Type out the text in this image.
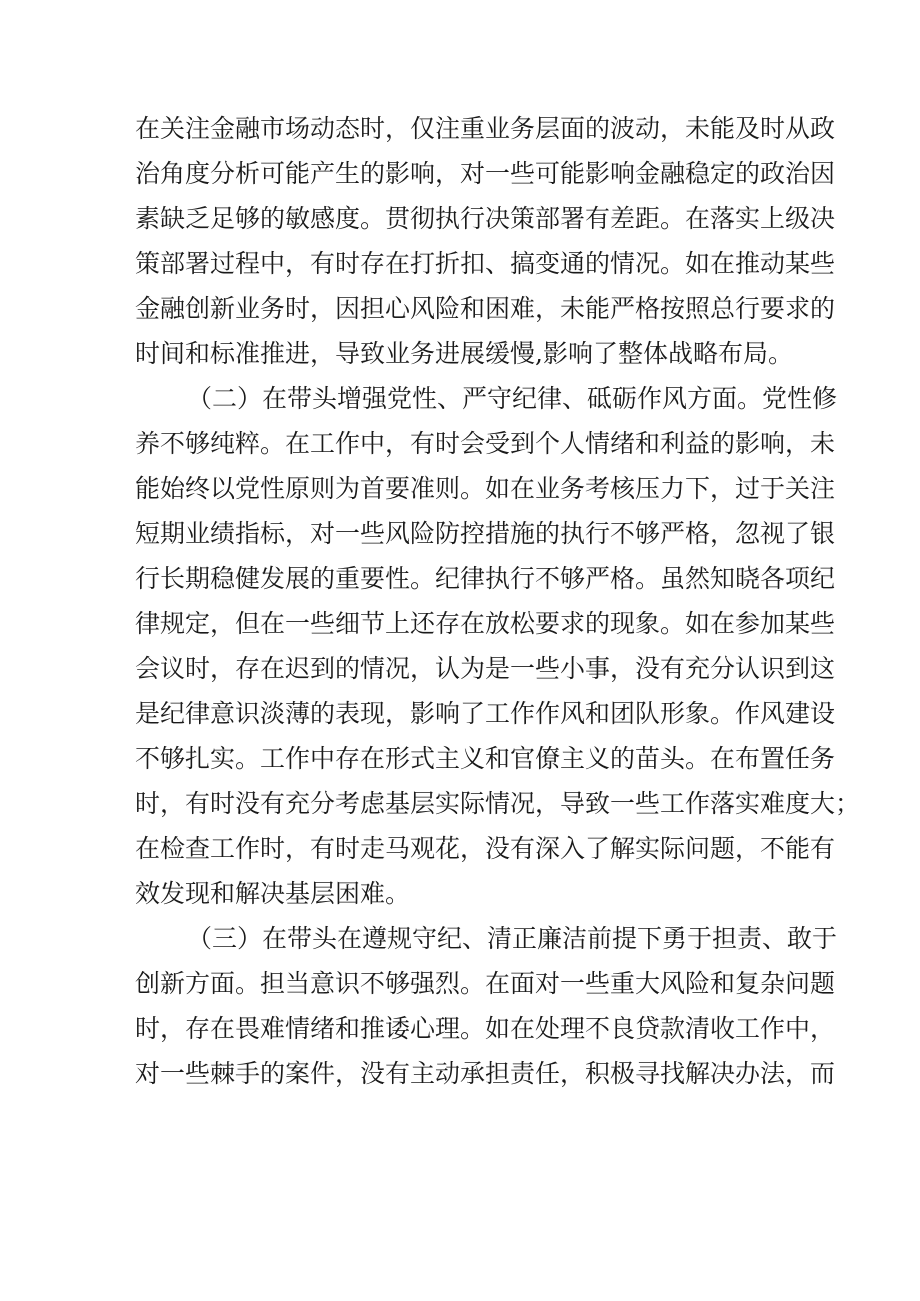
在关注金融市场动态时，仅注重业务层面的波动，未能及时从政
治角度分析可能产生的影响，对一些可能影响金融稳定的政治因
素缺乏足够的敏感度。贯彻执行决策部署有差距。在落实上级决
策部署过程中，有时存在打折扣、搞变通的情况。如在推动某些
金融创新业务时，因担心风险和困难，未能严格按照总行要求的
时间和标准推进，导致业务进展缓慢,影响了整体战略布局。
（二）在带头增强党性、严守纪律、砥砺作风方面。党性修
养不够纯粹。在工作中，有时会受到个人情绪和利益的影响，未
能始终以党性原则为首要准则。如在业务考核压力下，过于关注
短期业绩指标，对一些风险防控措施的执行不够严格，忽视了银
行长期稳健发展的重要性。纪律执行不够严格。虽然知晓各项纪
律规定，但在一些细节上还存在放松要求的现象。如在参加某些
会议时，存在迟到的情况，认为是一些小事，没有充分认识到这
是纪律意识淡薄的表现，影响了工作作风和团队形象。作风建设
不够扎实。工作中存在形式主义和官僚主义的苗头。在布置任务
时，有时没有充分考虑基层实际情况，导致一些工作落实难度大；
在检查工作时，有时走马观花，没有深入了解实际问题，不能有
效发现和解决基层困难。
（三）在带头在遵规守纪、清正廉洁前提下勇于担责、敢于
创新方面。担当意识不够强烈。在面对一些重大风险和复杂问题
时，存在畏难情绪和推诿心理。如在处理不良贷款清收工作中，
对一些棘手的案件，没有主动承担责任，积极寻找解决办法，而
